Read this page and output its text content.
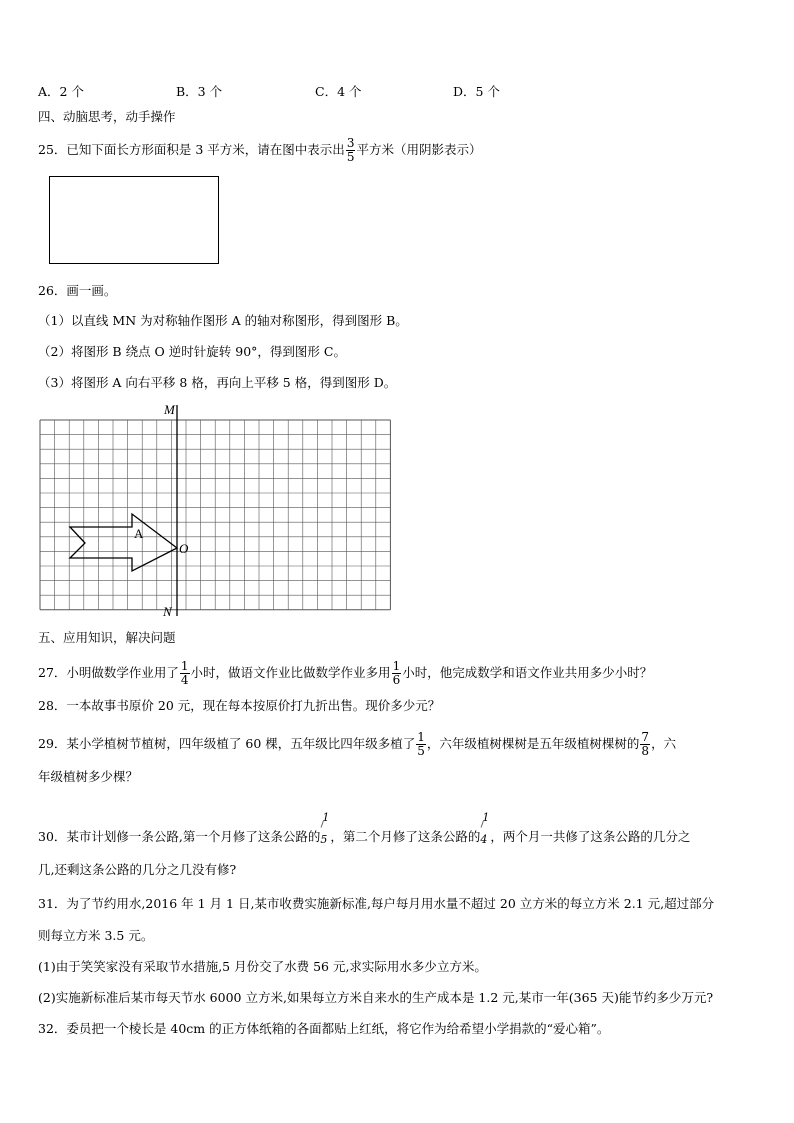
A．2 个	B．3 个	C．4 个	D．5 个
四、动脑思考，动手操作
25．已知下面长方形面积是 3 平方米，请在图中表示出 $\frac{3}{5}$ 平方米（用阴影表示）
26．画一画。
（1）以直线 MN 为对称轴作图形 A 的轴对称图形，得到图形 B。
（2）将图形 B 绕点 O 逆时针旋转 90°，得到图形 C。
（3）将图形 A 向右平移 8 格，再向上平移 5 格，得到图形 D。
M
N
O
A
五、应用知识，解决问题
27．小明做数学作业用了 $\frac{1}{4}$ 小时，做语文作业比做数学作业多用 $\frac{1}{6}$ 小时，他完成数学和语文作业共用多少小时？
28．一本故事书原价 20 元，现在每本按原价打九折出售。现价多少元？
29．某小学植树节植树，四年级植了 60 棵，五年级比四年级多植了 $\frac{1}{5}$ ，六年级植树棵树是五年级植树棵树的 $\frac{7}{8}$ ，六
年级植树多少棵？
30．某市计划修一条公路,第一个月修了这条公路的
1
5 ，第二个月修了这条公路的
1
4 ，两个月一共修了这条公路的几分之
几,还剩这条公路的几分之几没有修?
31．为了节约用水,2016 年 1 月 1 日,某市收费实施新标准,每户每月用水量不超过 20 立方米的每立方米 2.1 元,超过部分
则每立方米 3.5 元。
(1)由于笑笑家没有采取节水措施,5 月份交了水费 56 元,求实际用水多少立方米。
(2)实施新标准后某市每天节水 6000 立方米,如果每立方米自来水的生产成本是 1.2 元,某市一年(365 天)能节约多少万元?
32．委员把一个棱长是 40cm 的正方体纸箱的各面都贴上红纸，将它作为给希望小学捐款的“爱心箱”。
